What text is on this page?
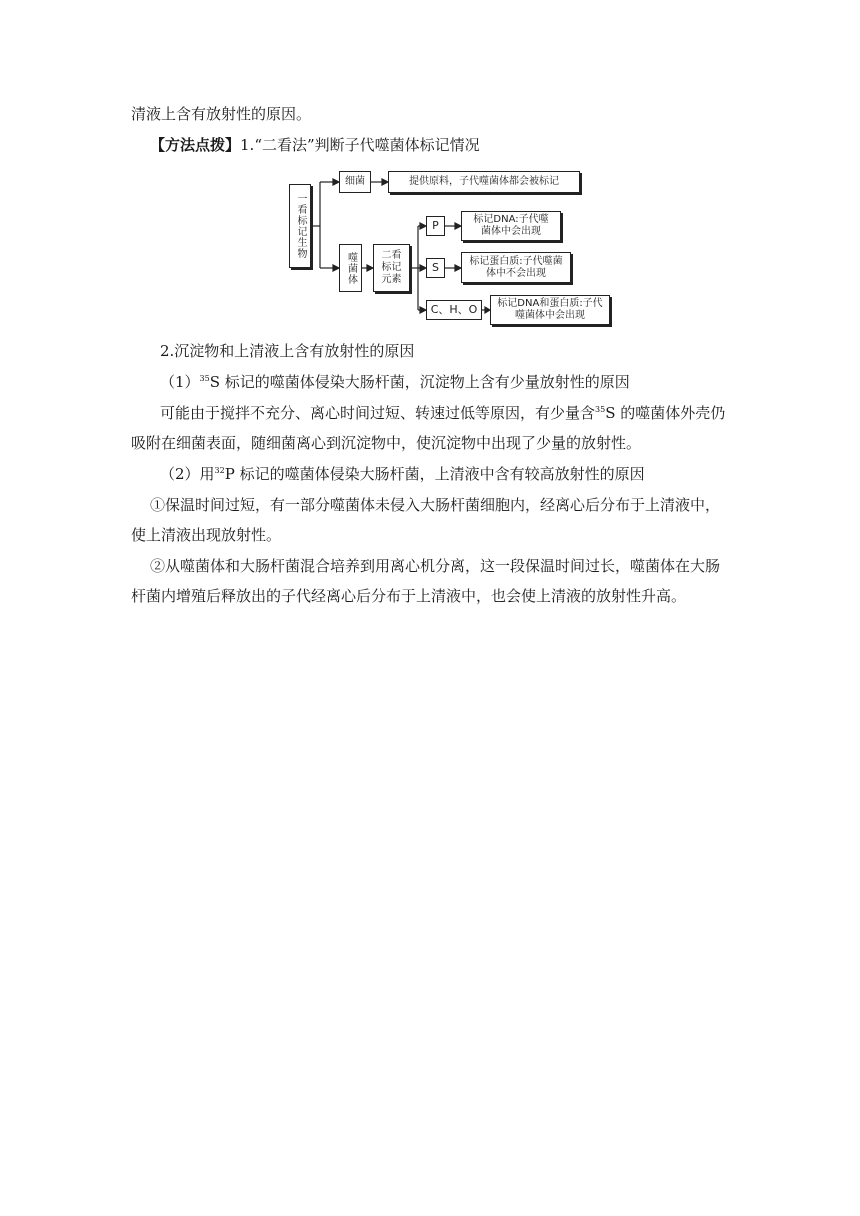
清液上含有放射性的原因。
【方法点拨】1.“二看法”判断子代噬菌体标记情况
一看标记生物
细菌	提供原料，子代噬菌体都会被标记
噬菌体	二看标记元素
P	标记DNA:子代噬菌体中会出现
S	标记蛋白质:子代噬菌体中不会出现
C、H、O	标记DNA和蛋白质:子代噬菌体中会出现
2.沉淀物和上清液上含有放射性的原因
$(1)^{35}S$ 标记的噬菌体侵染大肠杆菌，沉淀物上含有少量放射性的原因
可能由于搅拌不充分、离心时间过短、转速过低等原因，有少量含$^{35}$S 的噬菌体外壳仍
吸附在细菌表面，随细菌离心到沉淀物中，使沉淀物中出现了少量的放射性。
（2）用$^{32}$P 标记的噬菌体侵染大肠杆菌，上清液中含有较高放射性的原因
①保温时间过短，有一部分噬菌体未侵入大肠杆菌细胞内，经离心后分布于上清液中，
使上清液出现放射性。
②从噬菌体和大肠杆菌混合培养到用离心机分离，这一段保温时间过长，噬菌体在大肠
杆菌内增殖后释放出的子代经离心后分布于上清液中，也会使上清液的放射性升高。
